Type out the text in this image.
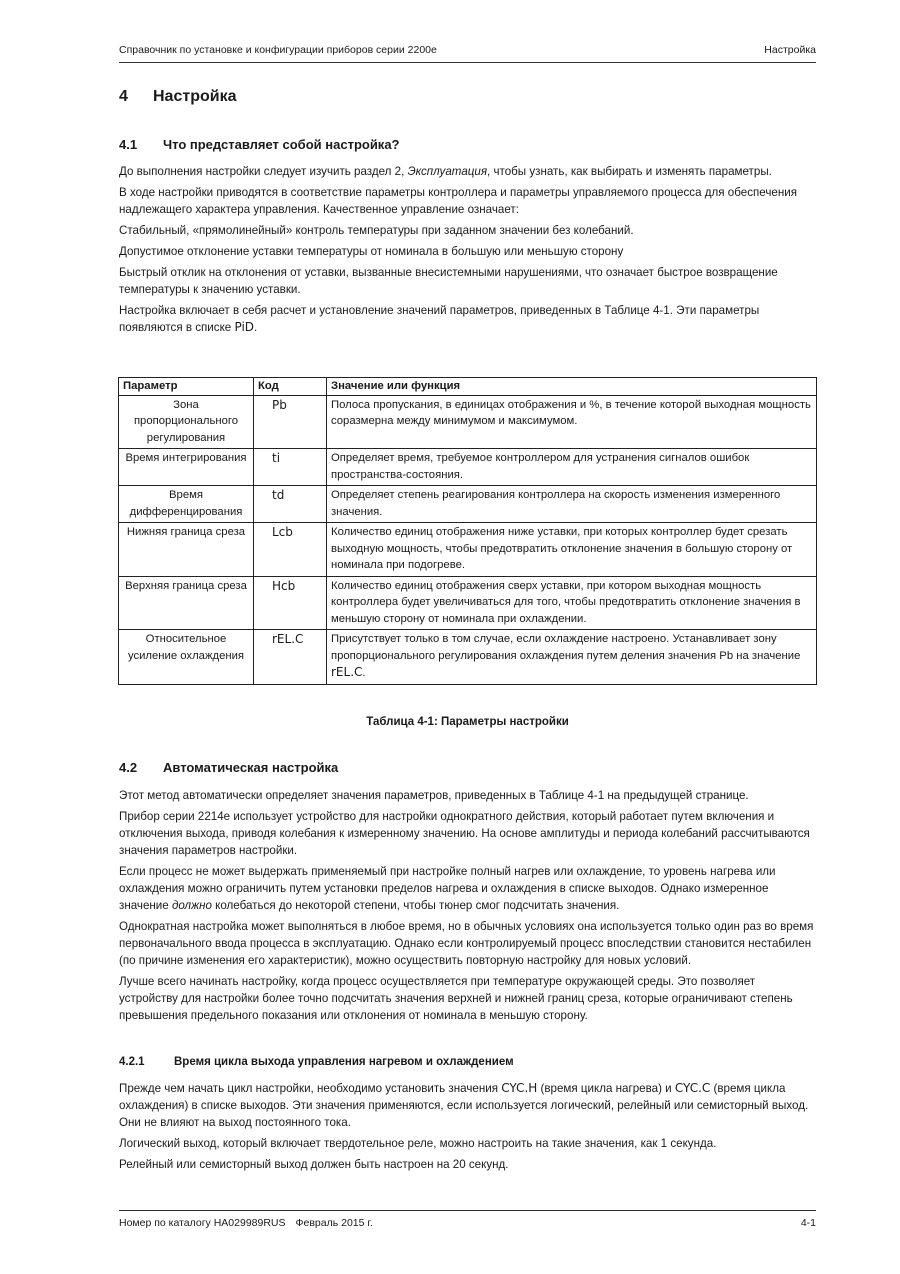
Справочник по установке и конфигурации приборов серии 2200e	Настройка
4	Настройка
4.1	Что представляет собой настройка?

До выполнения настройки следует изучить раздел 2, Эксплуатация, чтобы узнать, как выбирать и изменять параметры.

В ходе настройки приводятся в соответствие параметры контроллера и параметры управляемого процесса для обеспечения надлежащего характера управления. Качественное управление означает:

Стабильный, «прямолинейный» контроль температуры при заданном значении без колебаний.

Допустимое отклонение уставки температуры от номинала в большую или меньшую сторону

Быстрый отклик на отклонения от уставки, вызванные внесистемными нарушениями, что означает быстрое возвращение температуры к значению уставки.

Настройка включает в себя расчет и установление значений параметров, приведенных в Таблице 4-1. Эти параметры появляются в списке PiD.

Параметр	Код	Значение или функция
Зона пропорционального регулирования	Pb	Полоса пропускания, в единицах отображения и %, в течение которой выходная мощность соразмерна между минимумом и максимумом.
Время интегрирования	ti	Определяет время, требуемое контроллером для устранения сигналов ошибок пространства-состояния.
Время дифференцирования	td	Определяет степень реагирования контроллера на скорость изменения измеренного значения.
Нижняя граница среза	Lcb	Количество единиц отображения ниже уставки, при которых контроллер будет срезать выходную мощность, чтобы предотвратить отклонение значения в большую сторону от номинала при подогреве.
Верхняя граница среза	Hcb	Количество единиц отображения сверх уставки, при котором выходная мощность контроллера будет увеличиваться для того, чтобы предотвратить отклонение значения в меньшую сторону от номинала при охлаждении.
Относительное усиление охлаждения	rEL.C	Присутствует только в том случае, если охлаждение настроено. Устанавливает зону пропорционального регулирования охлаждения путем деления значения Pb на значение rEL.C.
Таблица 4-1: Параметры настройки
4.2	Автоматическая настройка

Этот метод автоматически определяет значения параметров, приведенных в Таблице 4-1 на предыдущей странице.

Прибор серии 2214e использует устройство для настройки однократного действия, который работает путем включения и отключения выхода, приводя колебания к измеренному значению. На основе амплитуды и периода колебаний рассчитываются значения параметров настройки.

Если процесс не может выдержать применяемый при настройке полный нагрев или охлаждение, то уровень нагрева или охлаждения можно ограничить путем установки пределов нагрева и охлаждения в списке выходов. Однако измеренное значение должно колебаться до некоторой степени, чтобы тюнер смог подсчитать значения.

Однократная настройка может выполняться в любое время, но в обычных условиях она используется только один раз во время первоначального ввода процесса в эксплуатацию. Однако если контролируемый процесс впоследствии становится нестабилен (по причине изменения его характеристик), можно осуществить повторную настройку для новых условий.

Лучше всего начинать настройку, когда процесс осуществляется при температуре окружающей среды. Это позволяет устройству для настройки более точно подсчитать значения верхней и нижней границ среза, которые ограничивают степень превышения предельного показания или отклонения от номинала в меньшую сторону.

4.2.1	Время цикла выхода управления нагревом и охлаждением

Прежде чем начать цикл настройки, необходимо установить значения CYC.H (время цикла нагрева) и CYC.C (время цикла охлаждения) в списке выходов. Эти значения применяются, если используется логический, релейный или семисторный выход. Они не влияют на выход постоянного тока.

Логический выход, который включает твердотельное реле, можно настроить на такие значения, как 1 секунда.

Релейный или семисторный выход должен быть настроен на 20 секунд.

Номер по каталогу HA029989RUS Февраль 2015 г.	4-1
